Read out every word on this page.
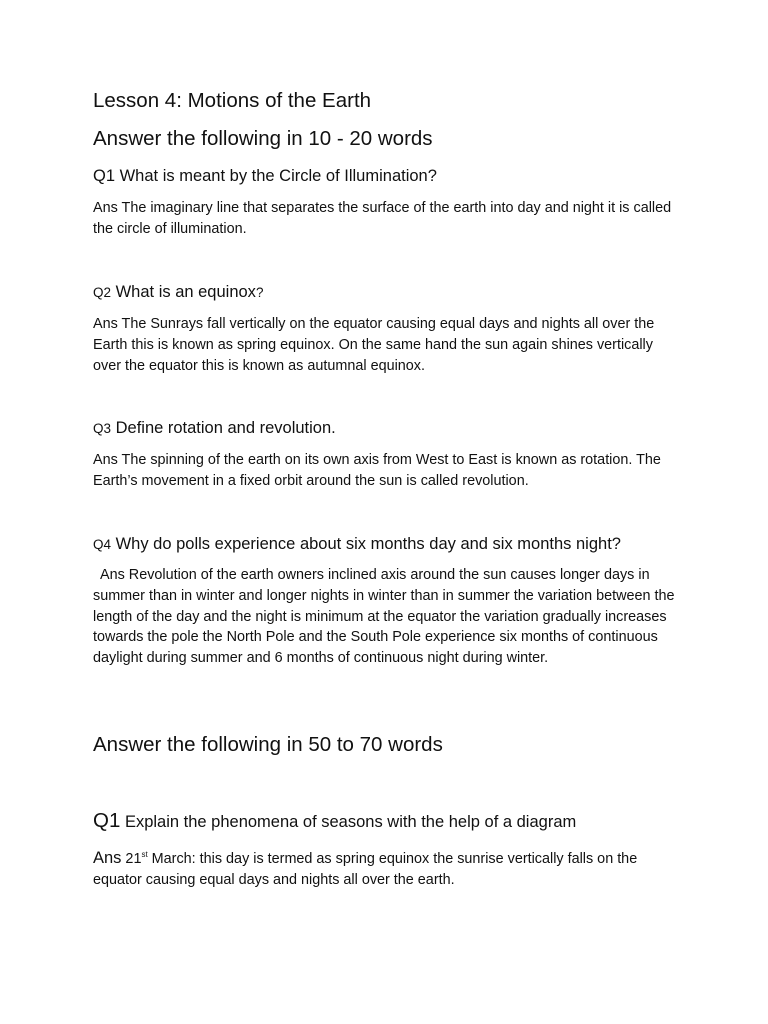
Lesson 4: Motions of the Earth
Answer the following in 10 - 20 words

Q1 What is meant by the Circle of Illumination?

Ans The imaginary line that separates the surface of the earth into day and night it is called the circle of illumination.

Q2 What is an equinox?

Ans The Sunrays fall vertically on the equator causing equal days and nights all over the Earth this is known as spring equinox. On the same hand the sun again shines vertically over the equator this is known as autumnal equinox.

Q3 Define rotation and revolution.

Ans The spinning of the earth on its own axis from West to East is known as rotation. The Earth’s movement in a fixed orbit around the sun is called revolution.

Q4 Why do polls experience about six months day and six months night?

Ans Revolution of the earth owners inclined axis around the sun causes longer days in summer than in winter and longer nights in winter than in summer the variation between the length of the day and the night is minimum at the equator the variation gradually increases towards the pole the North Pole and the South Pole experience six months of continuous daylight during summer and 6 months of continuous night during winter.

Answer the following in 50 to 70 words

Q1 Explain the phenomena of seasons with the help of a diagram

Ans 21st March: this day is termed as spring equinox the sunrise vertically falls on the equator causing equal days and nights all over the earth.
